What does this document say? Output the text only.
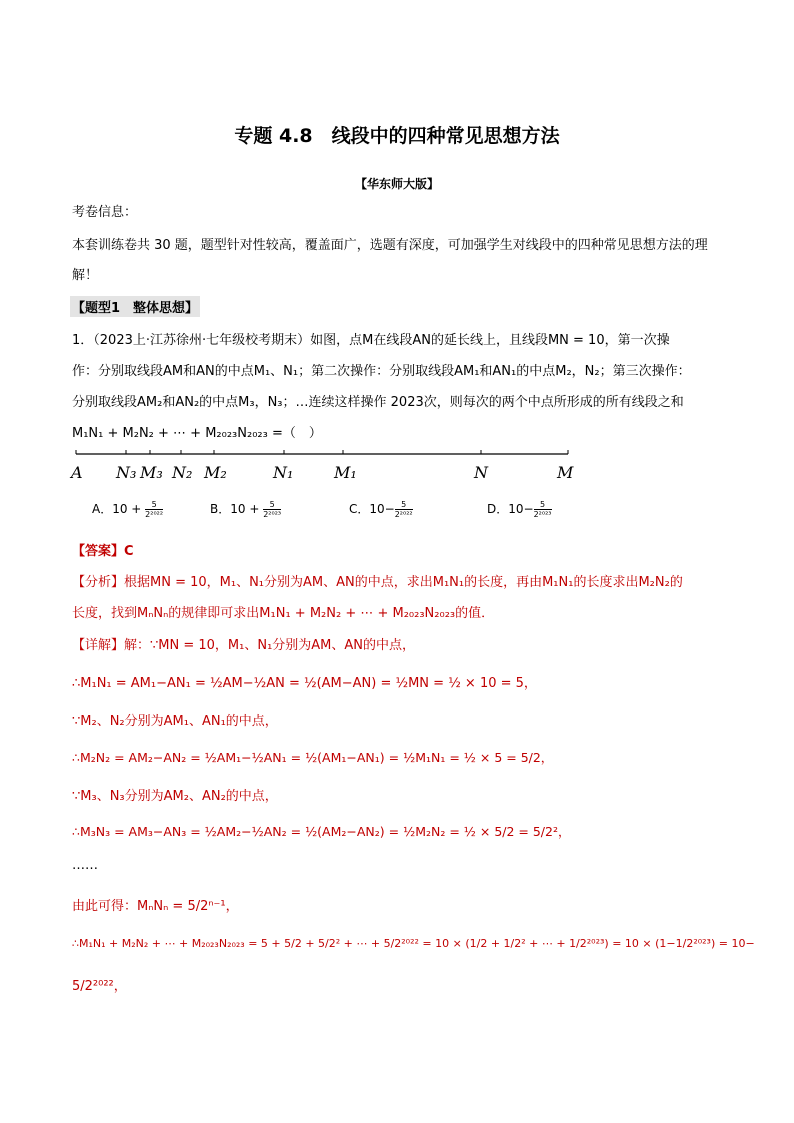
专题 4.8　线段中的四种常见思想方法
【华东师大版】
考卷信息：
本套训练卷共 30 题，题型针对性较高，覆盖面广，选题有深度，可加强学生对线段中的四种常见思想方法的理
解！
【题型1　整体思想】
1．（2023上·江苏徐州·七年级校考期末）如图，点M在线段AN的延长线上，且线段MN = 10，第一次操
作：分别取线段AM和AN的中点M₁、N₁；第二次操作：分别取线段AM₁和AN₁的中点M₂，N₂；第三次操作：
分别取线段AM₂和AN₂的中点M₃，N₃；…连续这样操作 2023次，则每次的两个中点所形成的所有线段之和
M₁N₁ + M₂N₂ + ⋯ + M₂₀₂₃N₂₀₂₃ =（　）
A N₃ M₃ N₂ M₂	N₁	M₁	N	M
A．$10 + \frac{5}{\text{2²⁰²²}}$	B．$10 + \frac{5}{\text{2²⁰²³}}$	C．$10- \frac{5}{\text{2²⁰²²}}$	D．$10- \frac{5}{\text{2²⁰²³}}$
【答案】C
【分析】根据MN = 10，M₁、N₁分别为AM、AN的中点，求出M₁N₁的长度，再由M₁N₁的长度求出M₂N₂的
长度，找到MₙNₙ的规律即可求出M₁N₁ + M₂N₂ + ⋯ + M₂₀₂₃N₂₀₂₃的值．
【详解】解：∵MN = 10，M₁、N₁分别为AM、AN的中点，
∴M₁N₁ = AM₁−AN₁ = ½AM−½AN = ½(AM−AN) = ½MN = ½ × 10 = 5，
∵M₂、N₂分别为AM₁、AN₁的中点，
∴M₂N₂ = AM₂−AN₂ = ½AM₁−½AN₁ = ½(AM₁−AN₁) = ½M₁N₁ = ½ × 5 = 5/2，
∵M₃、N₃分别为AM₂、AN₂的中点，
∴M₃N₃ = AM₃−AN₃ = ½AM₂−½AN₂ = ½(AM₂−AN₂) = ½M₂N₂ = ½ × 5/2 = 5/2²，
……
由此可得：MₙNₙ = 5/2ⁿ⁻¹，
∴M₁N₁ + M₂N₂ + ⋯ + M₂₀₂₃N₂₀₂₃ = 5 + 5/2 + 5/2² + ⋯ + 5/2²⁰²² = 10 × (1/2 + 1/2² + ⋯ + 1/2²⁰²³) = 10 × (1−1/2²⁰²³) = 10−
5/2²⁰²²，
